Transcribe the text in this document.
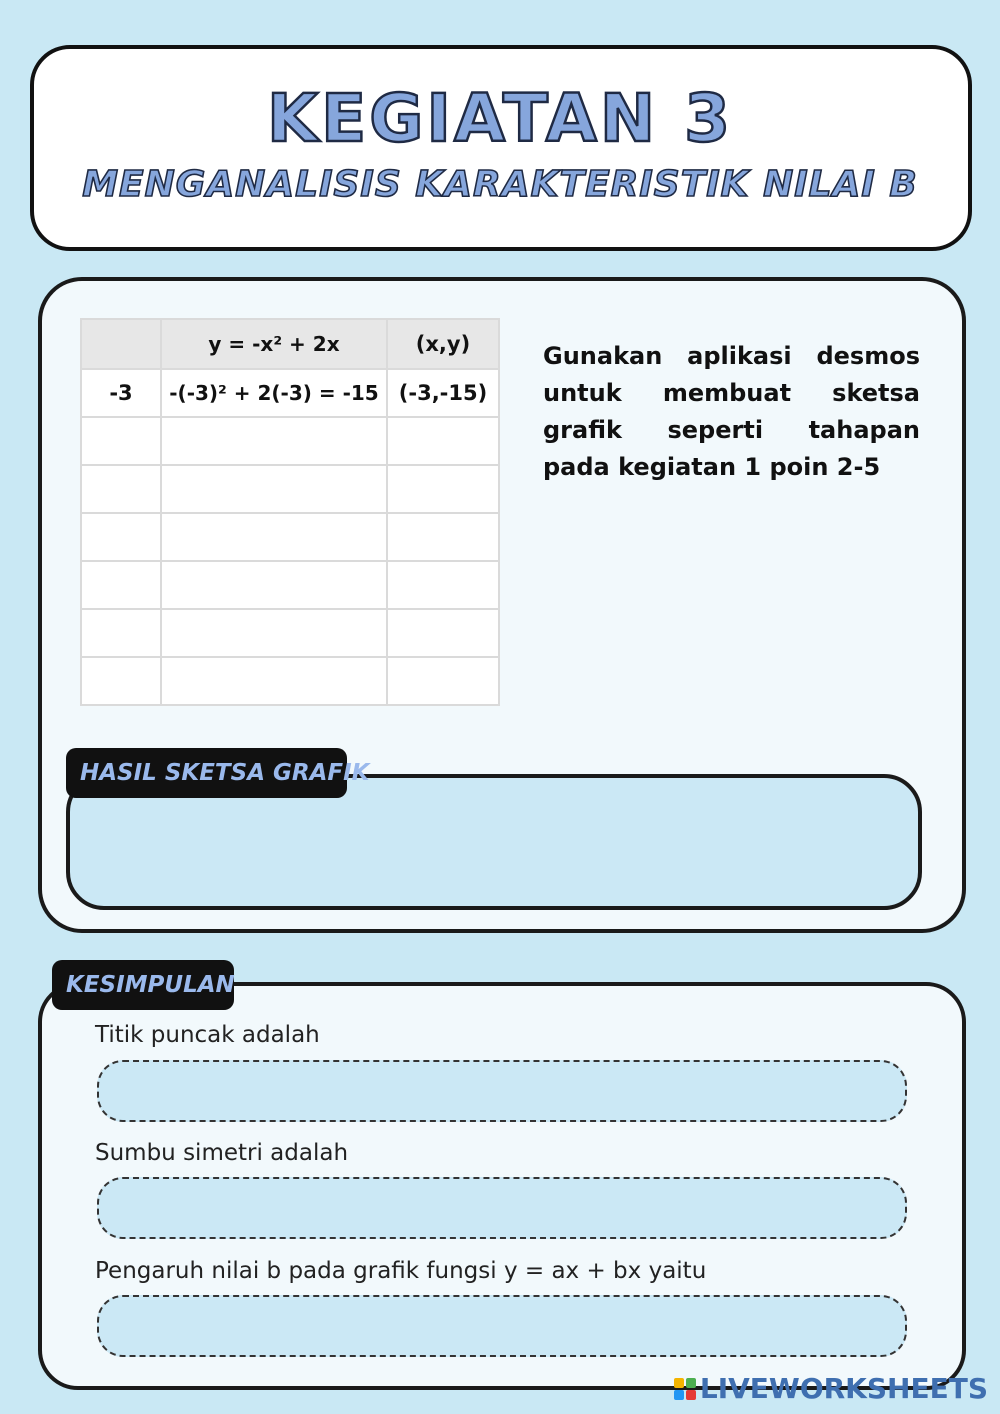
KEGIATAN 3
MENGANALISIS KARAKTERISTIK NILAI B
	y = -x² + 2x	(x,y)
-3	-(-3)² + 2(-3) = -15	(-3,-15)

Gunakan aplikasi desmos untuk membuat sketsa grafik seperti tahapan pada kegiatan 1 poin 2-5
HASIL SKETSA GRAFIK
KESIMPULAN
Titik puncak adalah
Sumbu simetri adalah
Pengaruh nilai b pada grafik fungsi y = ax + bx yaitu
LIVEWORKSHEETS
